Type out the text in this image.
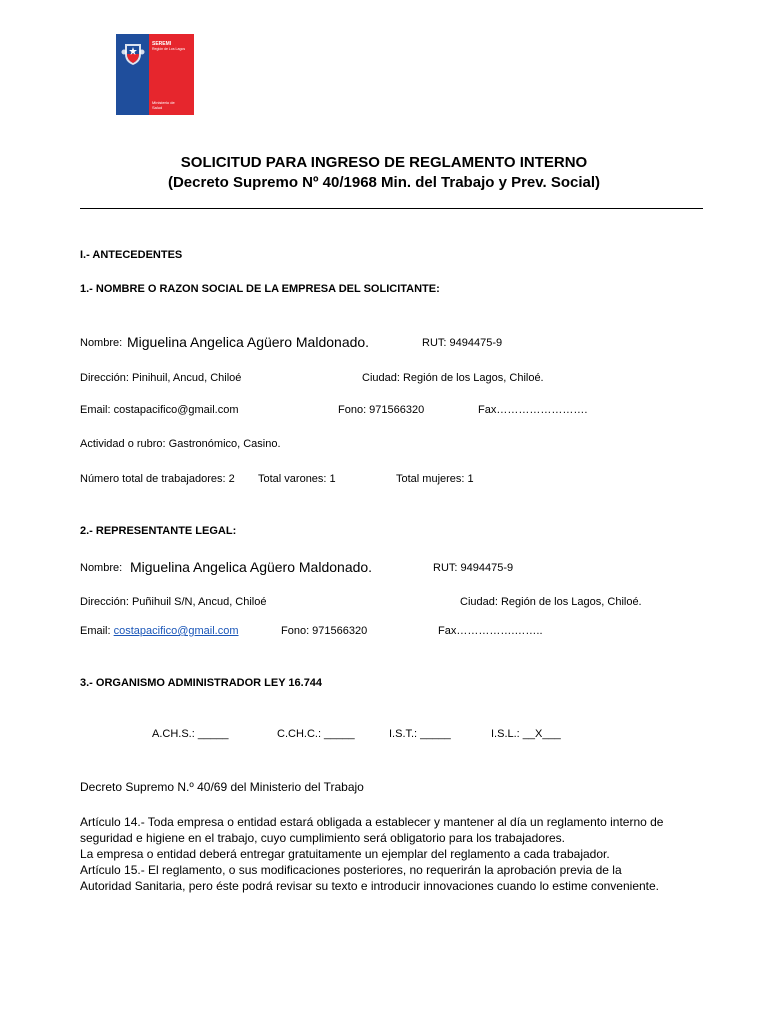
SEREMI
Región de Los Lagos
Ministerio de Salud
SOLICITUD PARA INGRESO DE REGLAMENTO INTERNO
(Decreto Supremo Nº 40/1968 Min. del Trabajo y Prev. Social)
I.- ANTECEDENTES
1.- NOMBRE O RAZON SOCIAL DE LA EMPRESA DEL SOLICITANTE:
Nombre: Miguelina Angelica Agüero Maldonado.	RUT: 9494475-9
Dirección: Pinihuil, Ancud, Chiloé	Ciudad: Región de los Lagos, Chiloé.
Email: costapacifico@gmail.com	Fono: 971566320	Fax…………………….
Actividad o rubro: Gastronómico, Casino.
Número total de trabajadores: 2 Total varones: 1	Total mujeres: 1
2.- REPRESENTANTE LEGAL:
Nombre: Miguelina Angelica Agüero Maldonado.	RUT: 9494475-9
Dirección: Puñihuil S/N, Ancud, Chiloé	Ciudad: Región de los Lagos, Chiloé.
Email: costapacifico@gmail.com	Fono: 971566320	Fax…………….……..
3.- ORGANISMO ADMINISTRADOR LEY 16.744
A.CH.S.: _____	C.CH.C.: _____	I.S.T.: _____	I.S.L.: __X___
Decreto Supremo N.º 40/69 del Ministerio del Trabajo
Artículo 14.- Toda empresa o entidad estará obligada a establecer y mantener al día un reglamento interno de
seguridad e higiene en el trabajo, cuyo cumplimiento será obligatorio para los trabajadores.
La empresa o entidad deberá entregar gratuitamente un ejemplar del reglamento a cada trabajador.
Artículo 15.- El reglamento, o sus modificaciones posteriores, no requerirán la aprobación previa de la
Autoridad Sanitaria, pero éste podrá revisar su texto e introducir innovaciones cuando lo estime conveniente.
